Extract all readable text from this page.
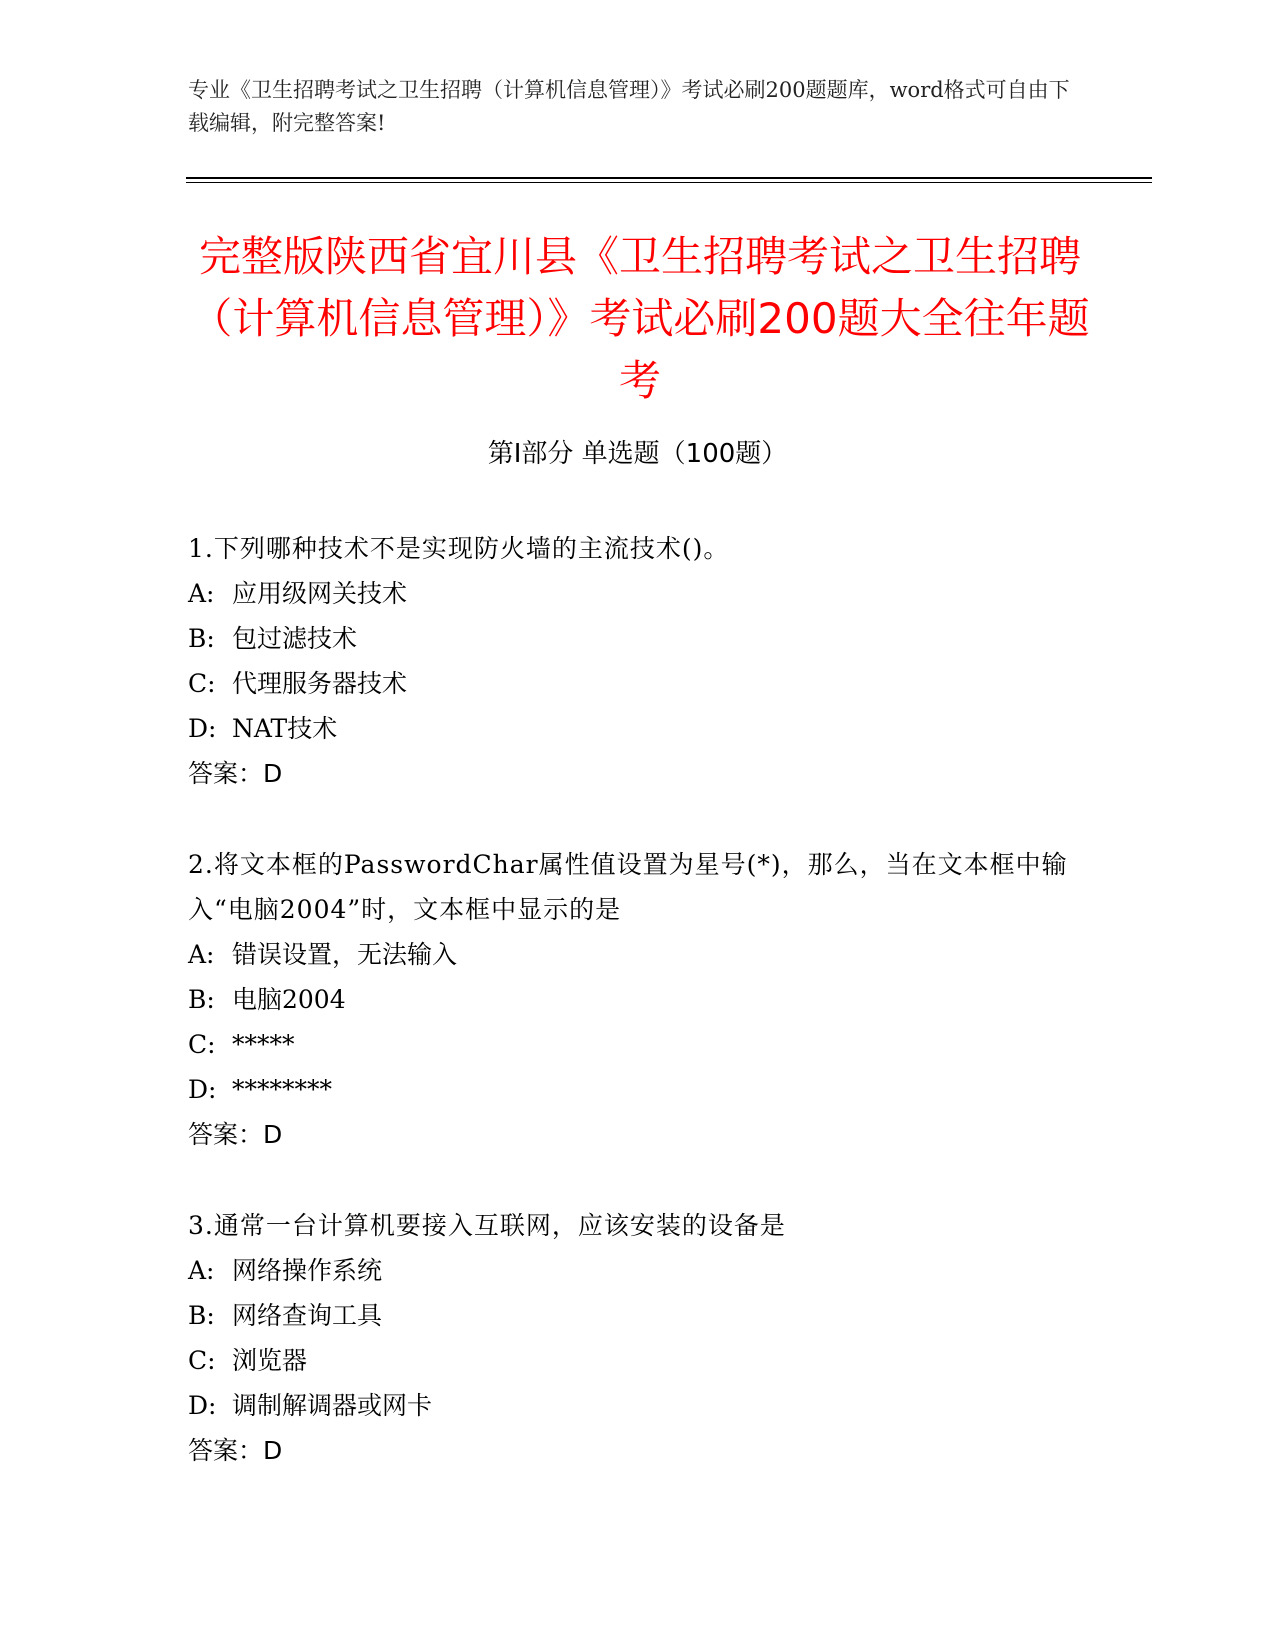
专业《卫生招聘考试之卫生招聘（计算机信息管理）》考试必刷200题题库，word格式可自由下载编辑，附完整答案!
完整版陕西省宜川县《卫生招聘考试之卫生招聘（计算机信息管理）》考试必刷200题大全往年题考
第Ⅰ部分 单选题（100题）
1.下列哪种技术不是实现防火墙的主流技术()。
A: 应用级网关技术
B: 包过滤技术
C: 代理服务器技术
D: NAT技术
答案：D
2.将文本框的PasswordChar属性值设置为星号(*)，那么，当在文本框中输入“电脑2004”时，文本框中显示的是
A: 错误设置，无法输入
B: 电脑2004
C: *****
D: ********
答案：D
3.通常一台计算机要接入互联网，应该安装的设备是
A: 网络操作系统
B: 网络查询工具
C: 浏览器
D: 调制解调器或网卡
答案：D
